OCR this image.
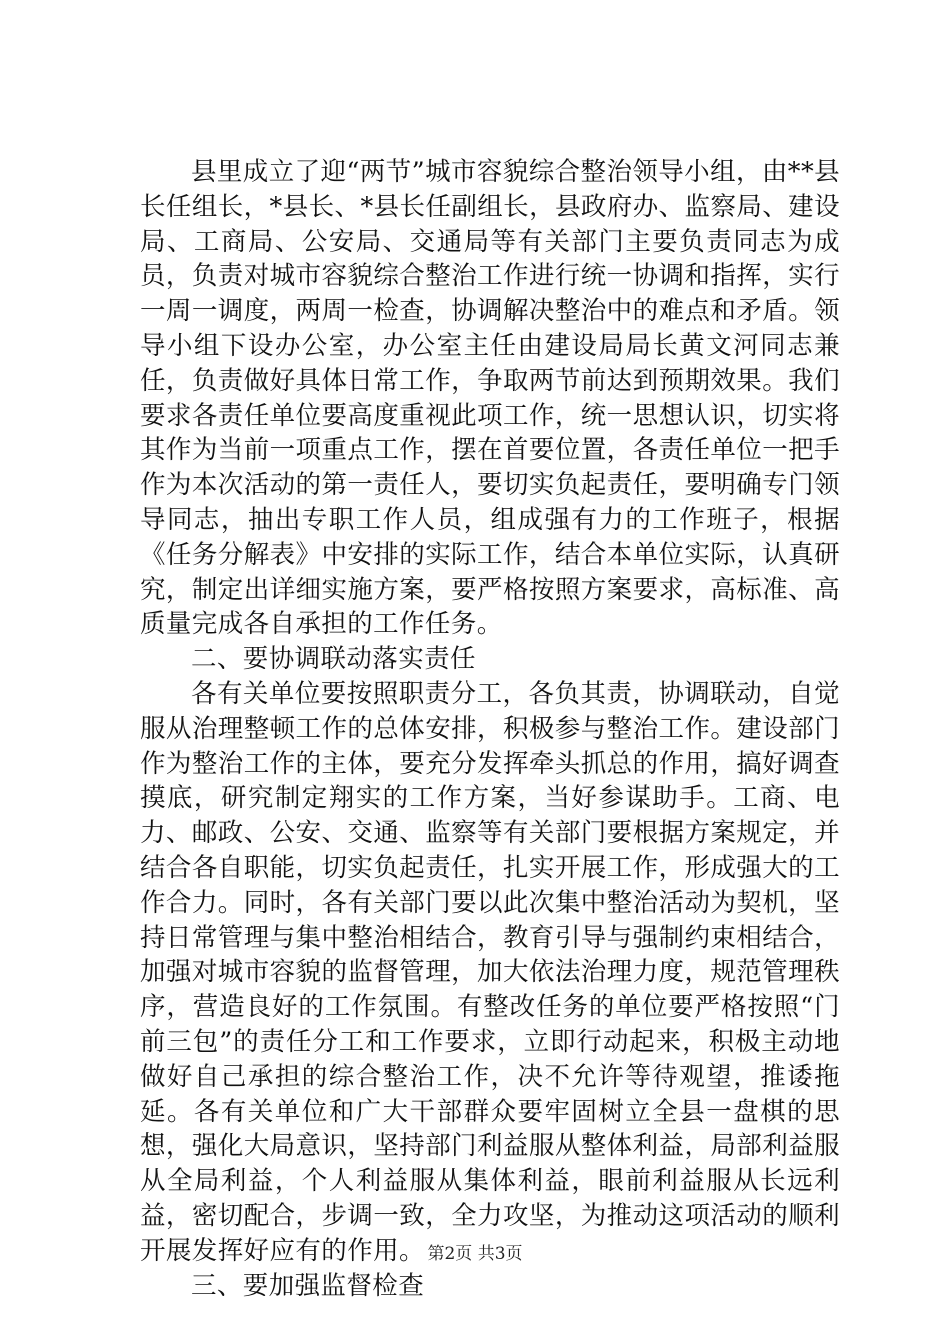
县里成立了迎“两节”城市容貌综合整治领导小组，由**县长任组长，*县长、*县长任副组长，县政府办、监察局、建设局、工商局、公安局、交通局等有关部门主要负责同志为成员，负责对城市容貌综合整治工作进行统一协调和指挥，实行一周一调度，两周一检查，协调解决整治中的难点和矛盾。领导小组下设办公室，办公室主任由建设局局长黄文河同志兼任，负责做好具体日常工作，争取两节前达到预期效果。我们要求各责任单位要高度重视此项工作，统一思想认识，切实将其作为当前一项重点工作，摆在首要位置，各责任单位一把手作为本次活动的第一责任人，要切实负起责任，要明确专门领导同志，抽出专职工作人员，组成强有力的工作班子，根据《任务分解表》中安排的实际工作，结合本单位实际，认真研究，制定出详细实施方案，要严格按照方案要求，高标准、高质量完成各自承担的工作任务。

二、要协调联动落实责任

各有关单位要按照职责分工，各负其责，协调联动，自觉服从治理整顿工作的总体安排，积极参与整治工作。建设部门作为整治工作的主体，要充分发挥牵头抓总的作用，搞好调查摸底，研究制定翔实的工作方案，当好参谋助手。工商、电力、邮政、公安、交通、监察等有关部门要根据方案规定，并结合各自职能，切实负起责任，扎实开展工作，形成强大的工作合力。同时，各有关部门要以此次集中整治活动为契机，坚持日常管理与集中整治相结合，教育引导与强制约束相结合，加强对城市容貌的监督管理，加大依法治理力度，规范管理秩序，营造良好的工作氛围。有整改任务的单位要严格按照“门前三包”的责任分工和工作要求，立即行动起来，积极主动地做好自己承担的综合整治工作，决不允许等待观望，推诿拖延。各有关单位和广大干部群众要牢固树立全县一盘棋的思想，强化大局意识，坚持部门利益服从整体利益，局部利益服从全局利益，个人利益服从集体利益，眼前利益服从长远利益，密切配合，步调一致，全力攻坚，为推动这项活动的顺利开展发挥好应有的作用。

三、要加强监督检查

第2页 共3页
